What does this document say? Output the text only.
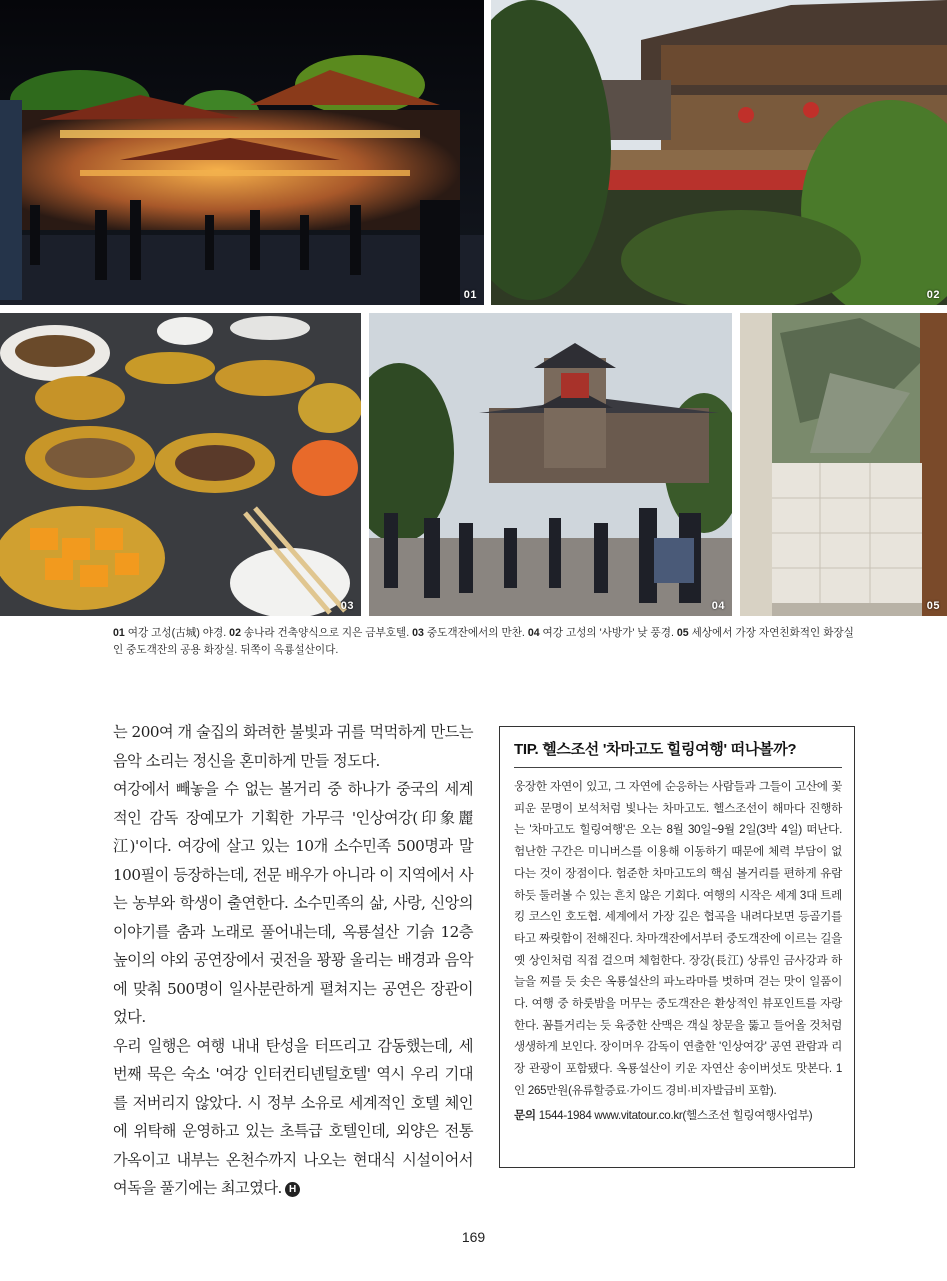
01	02
03	04	05
01 여강 고성(古城) 야경. 02 송나라 건축양식으로 지은 금부호텔. 03 중도객잔에서의 만찬. 04 여강 고성의 '사방가' 낮 풍경. 05 세상에서 가장 자연친화적인 화장실인 중도객잔의 공용 화장실. 뒤쪽이 옥룡설산이다.

는 200여 개 술집의 화려한 불빛과 귀를 먹먹하게 만드는 음악 소리는 정신을 혼미하게 만들 정도다.

여강에서 빼놓을 수 없는 볼거리 중 하나가 중국의 세계적인 감독 장예모가 기획한 가무극 '인상여강(印象麗江)'이다. 여강에 살고 있는 10개 소수민족 500명과 말 100필이 등장하는데, 전문 배우가 아니라 이 지역에서 사는 농부와 학생이 출연한다. 소수민족의 삶, 사랑, 신앙의 이야기를 춤과 노래로 풀어내는데, 옥룡설산 기슭 12층 높이의 야외 공연장에서 귓전을 꽝꽝 울리는 배경과 음악에 맞춰 500명이 일사분란하게 펼쳐지는 공연은 장관이었다.

우리 일행은 여행 내내 탄성을 터뜨리고 감동했는데, 세 번째 묵은 숙소 '여강 인터컨티넨털호텔' 역시 우리 기대를 저버리지 않았다. 시 정부 소유로 세계적인 호텔 체인에 위탁해 운영하고 있는 초특급 호텔인데, 외양은 전통 가옥이고 내부는 온천수까지 나오는 현대식 시설이어서 여독을 풀기에는 최고였다. H

TIP. 헬스조선 '차마고도 힐링여행' 떠나볼까?

웅장한 자연이 있고, 그 자연에 순응하는 사람들과 그들이 고산에 꽃피운 문명이 보석처럼 빛나는 차마고도. 헬스조선이 해마다 진행하는 '차마고도 힐링여행'은 오는 8월 30일~9월 2일(3박 4일) 떠난다. 험난한 구간은 미니버스를 이용해 이동하기 때문에 체력 부담이 없다는 것이 장점이다. 험준한 차마고도의 핵심 볼거리를 편하게 유람하듯 둘러볼 수 있는 흔치 않은 기회다. 여행의 시작은 세계 3대 트레킹 코스인 호도협. 세계에서 가장 깊은 협곡을 내려다보면 등골기를 타고 짜릿함이 전해진다. 차마객잔에서부터 중도객잔에 이르는 길을 옛 상인처럼 직접 걸으며 체험한다. 장강(長江) 상류인 금사강과 하늘을 찌를 듯 솟은 옥룡설산의 파노라마를 벗하며 걷는 맛이 일품이다. 여행 중 하룻밤을 머무는 중도객잔은 환상적인 뷰포인트를 자랑한다. 꼼틀거리는 듯 육중한 산맥은 객실 창문을 뚫고 들어올 것처럼 생생하게 보인다. 장이머우 감독이 연출한 '인상여강' 공연 관람과 리장 관광이 포함됐다. 옥룡설산이 키운 자연산 송이버섯도 맛본다. 1인 265만원(유류할증료·가이드 경비·비자발급비 포함).

문의 1544-1984 www.vitatour.co.kr(헬스조선 힐링여행사업부)

169
